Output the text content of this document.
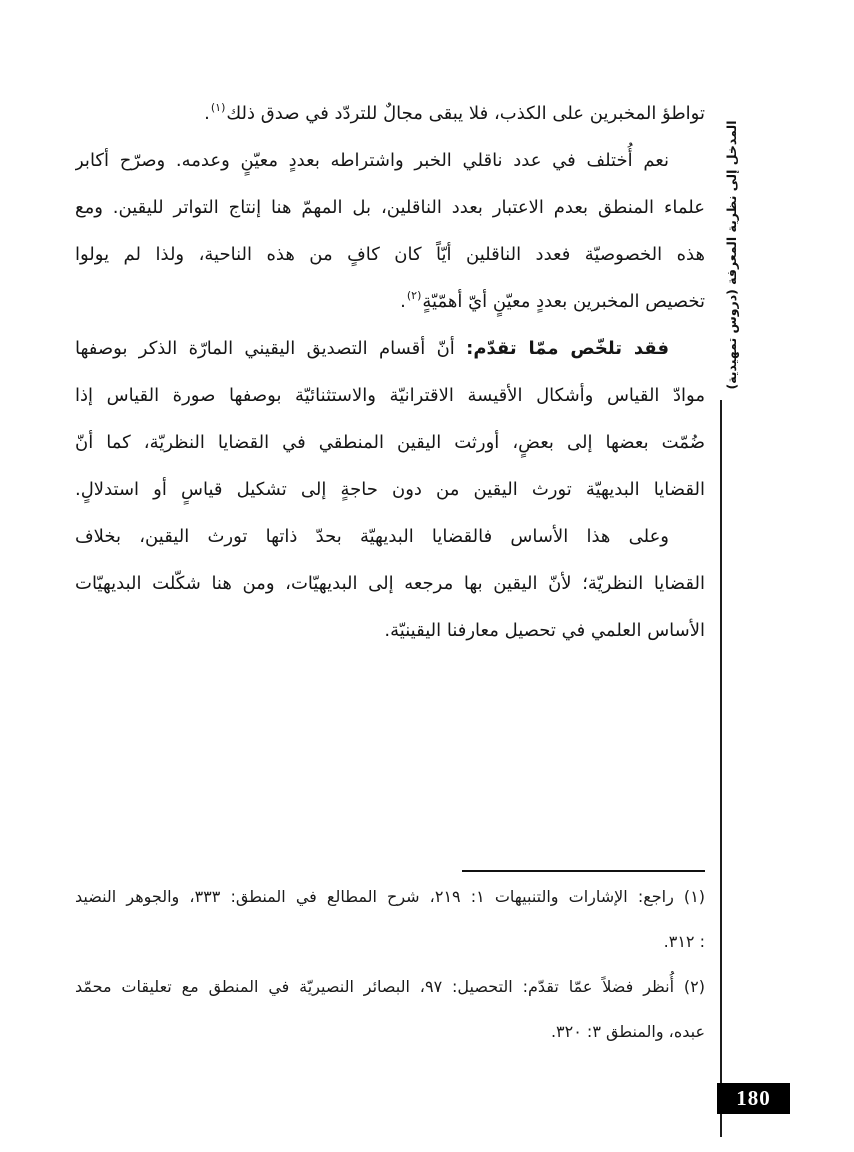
تواطؤ المخبرين على الكذب، فلا يبقى مجالٌ للتردّد في صدق ذلك$^{(١)}$.
نعم أُختلف في عدد ناقلي الخبر واشتراطه بعددٍ معيّنٍ وعدمه. وصرّح أكابر
علماء المنطق بعدم الاعتبار بعدد الناقلين، بل المهمّ هنا إنتاج التواتر لليقين. ومع
هذه الخصوصيّة فعدد الناقلين أيّاً كان كافٍ من هذه الناحية، ولذا لم يولوا
تخصيص المخبرين بعددٍ معيّنٍ أيّ أهمّيّةٍ$^{(٢)}$.
فقد تلخّص ممّا تقدّم: أنّ أقسام التصديق اليقيني المارّة الذكر بوصفها
موادّ القياس وأشكال الأقيسة الاقترانيّة والاستثنائيّة بوصفها صورة القياس إذا
ضُمّت بعضها إلى بعضٍ، أورثت اليقين المنطقي في القضايا النظريّة، كما أنّ
القضايا البديهيّة تورث اليقين من دون حاجةٍ إلى تشكيل قياسٍ أو استدلالٍ.
وعلى هذا الأساس فالقضايا البديهيّة بحدّ ذاتها تورث اليقين، بخلاف
القضايا النظريّة؛ لأنّ اليقين بها مرجعه إلى البديهيّات، ومن هنا شكّلت البديهيّات
الأساس العلمي في تحصيل معارفنا اليقينيّة.
(١) راجع: الإشارات والتنبيهات ١: ٢١٩، شرح المطالع في المنطق: ٣٣٣، والجوهر النضيد
: ٣١٢.
(٢) أُنظر فضلاً عمّا تقدّم: التحصيل: ٩٧، البصائر النصيريّة في المنطق مع تعليقات محمّد
عبده، والمنطق ٣: ٣٢٠.
المدخل إلى نظرية المعرفة (دروس تمهيدية)
180
